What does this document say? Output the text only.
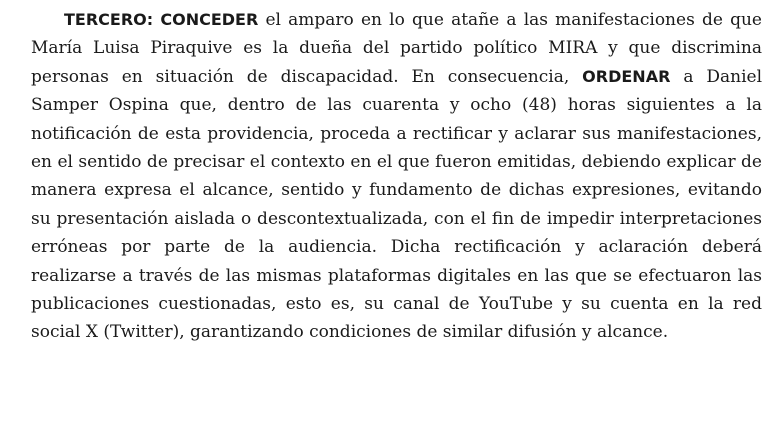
TERCERO: CONCEDER el amparo en lo que atañe a las manifestaciones de que María Luisa Piraquive es la dueña del partido político MIRA y que discrimina personas en situación de discapacidad. En consecuencia, ORDENAR a Daniel Samper Ospina que, dentro de las cuarenta y ocho (48) horas siguientes a la notificación de esta providencia, proceda a rectificar y aclarar sus manifestaciones, en el sentido de precisar el contexto en el que fueron emitidas, debiendo explicar de manera expresa el alcance, sentido y fundamento de dichas expresiones, evitando su presentación aislada o descontextualizada, con el fin de impedir interpretaciones erróneas por parte de la audiencia. Dicha rectificación y aclaración deberá realizarse a través de las mismas plataformas digitales en las que se efectuaron las publicaciones cuestionadas, esto es, su canal de YouTube y su cuenta en la red social X (Twitter), garantizando condiciones de similar difusión y alcance.
